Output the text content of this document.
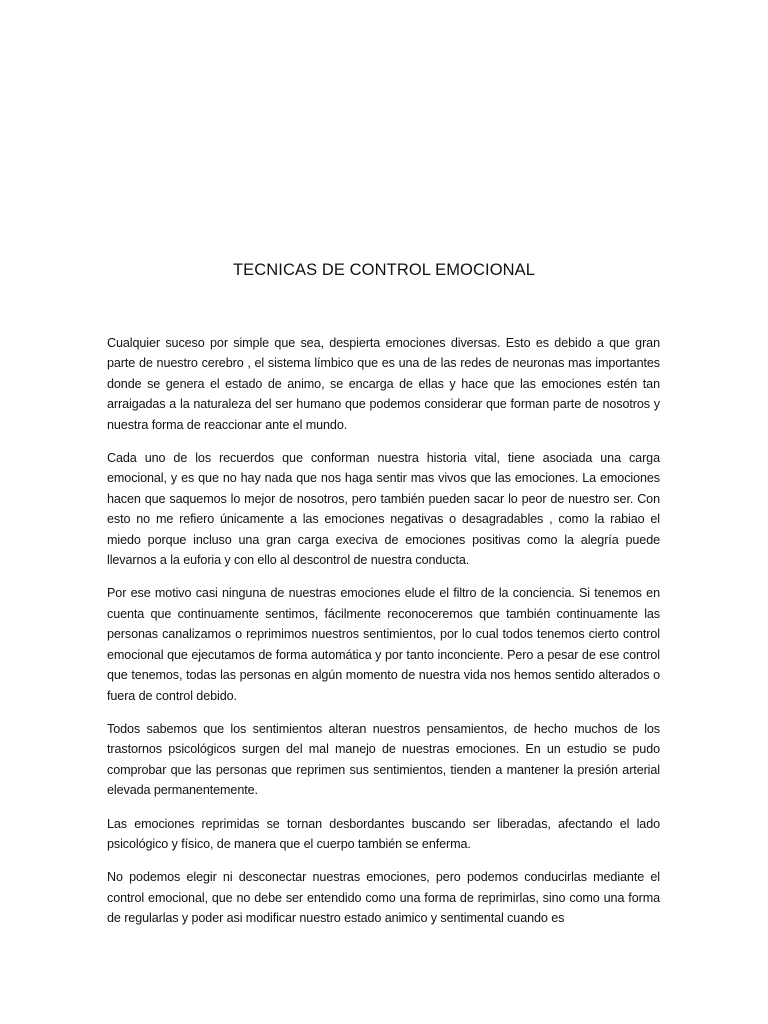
TECNICAS DE CONTROL EMOCIONAL

Cualquier suceso por simple que sea, despierta emociones diversas. Esto es debido a que gran parte de nuestro cerebro , el sistema límbico que es una de las redes de neuronas mas importantes donde se genera el estado de animo, se encarga de ellas y hace que las emociones estén tan arraigadas a la naturaleza del ser humano que podemos considerar que forman parte de nosotros y nuestra forma de reaccionar ante el mundo.

Cada uno de los recuerdos que conforman nuestra historia vital, tiene asociada una carga emocional, y es que no hay nada que nos haga sentir mas vivos que las emociones. La emociones hacen que saquemos lo mejor de nosotros, pero también pueden sacar lo peor de nuestro ser. Con esto no me refiero únicamente a las emociones negativas o desagradables , como la rabiao el miedo porque incluso una gran carga execiva de emociones positivas como la alegría puede llevarnos a la euforia y con ello al descontrol de nuestra conducta.

Por ese motivo casi ninguna de nuestras emociones elude el filtro de la conciencia. Si tenemos en cuenta que continuamente sentimos, fácilmente reconoceremos que también continuamente las personas canalizamos o reprimimos nuestros sentimientos, por lo cual todos tenemos cierto control emocional que ejecutamos de forma automática y por tanto inconciente. Pero a pesar de ese control que tenemos, todas las personas en algún momento de nuestra vida nos hemos sentido alterados o fuera de control debido.

Todos sabemos que los sentimientos alteran nuestros pensamientos, de hecho muchos de los trastornos psicológicos surgen del mal manejo de nuestras emociones. En un estudio se pudo comprobar que las personas que reprimen sus sentimientos, tienden a mantener la presión arterial elevada permanentemente.

Las emociones reprimidas se tornan desbordantes buscando ser liberadas, afectando el lado psicológico y físico, de manera que el cuerpo también se enferma.

No podemos elegir ni desconectar nuestras emociones, pero podemos conducirlas mediante el control emocional, que no debe ser entendido como una forma de reprimirlas, sino como una forma de regularlas y poder asi modificar nuestro estado animico y sentimental cuando es
